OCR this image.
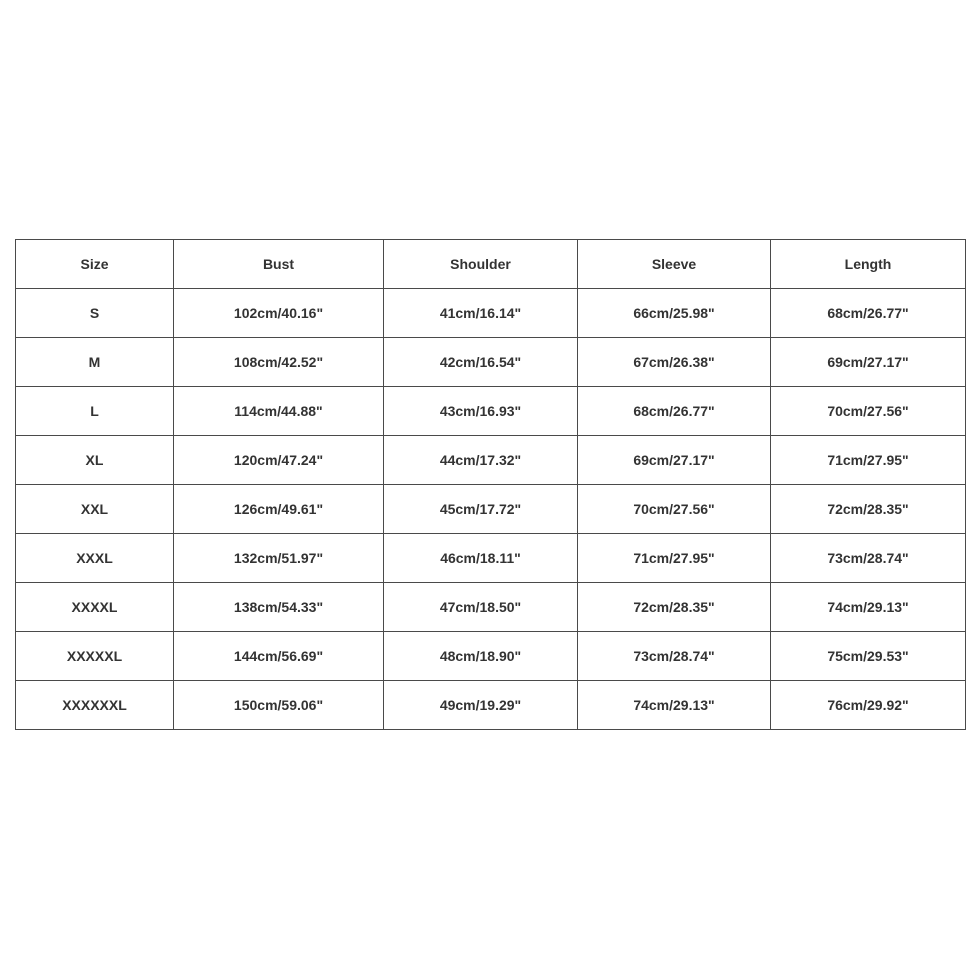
Size	Bust	Shoulder	Sleeve	Length
S	102cm/40.16"	41cm/16.14"	66cm/25.98"	68cm/26.77"
M	108cm/42.52"	42cm/16.54"	67cm/26.38"	69cm/27.17"
L	114cm/44.88"	43cm/16.93"	68cm/26.77"	70cm/27.56"
XL	120cm/47.24"	44cm/17.32"	69cm/27.17"	71cm/27.95"
XXL	126cm/49.61"	45cm/17.72"	70cm/27.56"	72cm/28.35"
XXXL	132cm/51.97"	46cm/18.11"	71cm/27.95"	73cm/28.74"
XXXXL	138cm/54.33"	47cm/18.50"	72cm/28.35"	74cm/29.13"
XXXXXL	144cm/56.69"	48cm/18.90"	73cm/28.74"	75cm/29.53"
XXXXXXL	150cm/59.06"	49cm/19.29"	74cm/29.13"	76cm/29.92"
